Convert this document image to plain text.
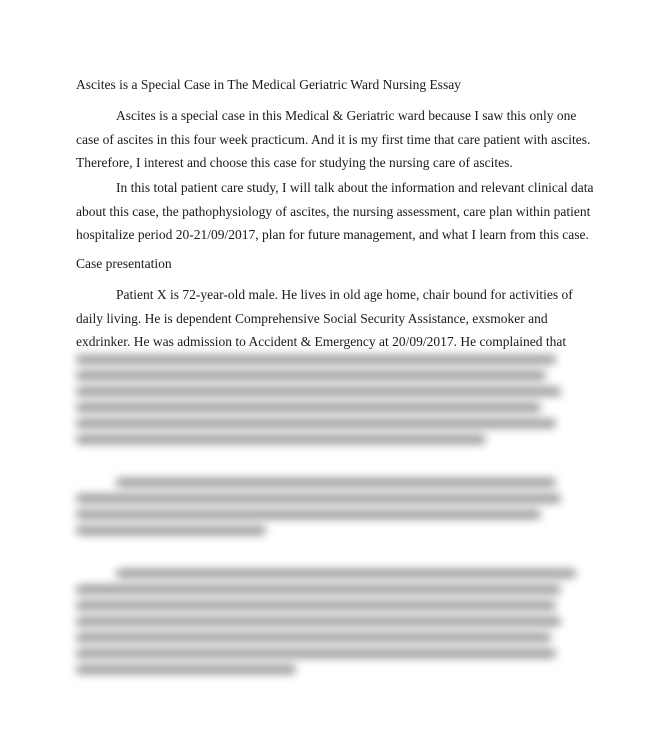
Ascites is a Special Case in The Medical Geriatric Ward Nursing Essay
Ascites is a special case in this Medical & Geriatric ward because I saw this only one
case of ascites in this four week practicum. And it is my first time that care patient with ascites.
Therefore, I interest and choose this case for studying the nursing care of ascites.
In this total patient care study, I will talk about the information and relevant clinical data
about this case, the pathophysiology of ascites, the nursing assessment, care plan within patient
hospitalize period 20-21/09/2017, plan for future management, and what I learn from this case.
Case presentation
Patient X is 72-year-old male. He lives in old age home, chair bound for activities of
daily living. He is dependent Comprehensive Social Security Assistance, exsmoker and
exdrinker. He was admission to Accident & Emergency at 20/09/2017. He complained that
